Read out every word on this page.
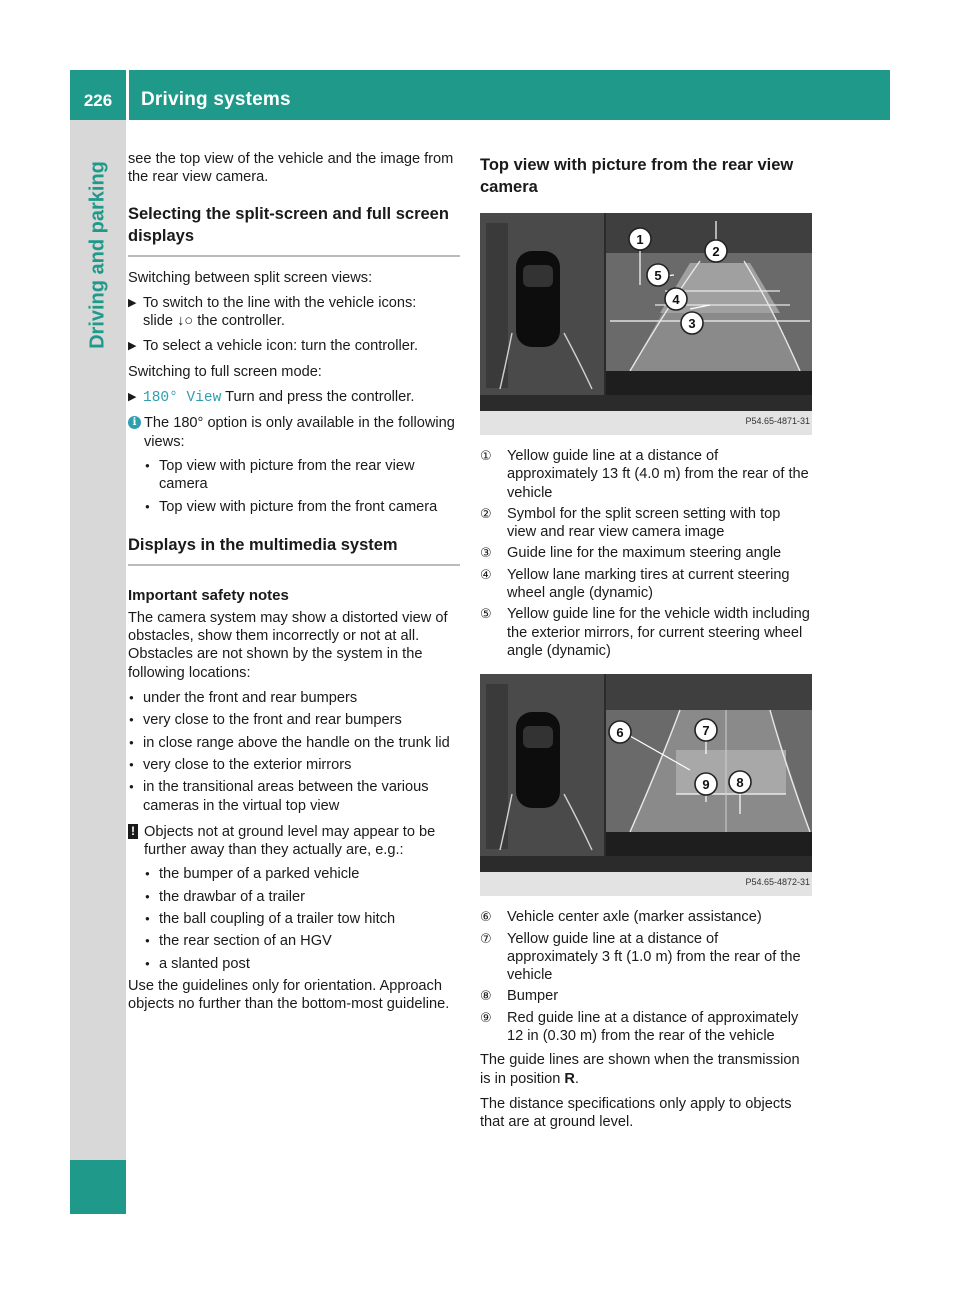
226	Driving systems
Driving and parking

see the top view of the vehicle and the image from the rear view camera.

Selecting the split-screen and full screen displays

Switching between split screen views:

▶ To switch to the line with the vehicle icons:
slide ↓○ the controller.
▶ To select a vehicle icon: turn the controller.

Switching to full screen mode:

▶ 180° View Turn and press the controller.
i The 180° option is only available in the following views:
● Top view with picture from the rear view camera
● Top view with picture from the front camera
Displays in the multimedia system
Important safety notes

The camera system may show a distorted view of obstacles, show them incorrectly or not at all. Obstacles are not shown by the system in the following locations:

● under the front and rear bumpers
● very close to the front and rear bumpers
● in close range above the handle on the trunk lid
● very close to the exterior mirrors
● in the transitional areas between the various cameras in the virtual top view
! Objects not at ground level may appear to be further away than they actually are, e.g.:
● the bumper of a parked vehicle
● the drawbar of a trailer
● the ball coupling of a trailer tow hitch
● the rear section of an HGV
● a slanted post

Use the guidelines only for orientation. Approach objects no further than the bottom-most guideline.

Top view with picture from the rear view camera
1
2
3
4
5
P54.65-4871-31
① Yellow guide line at a distance of approximately 13 ft (4.0 m) from the rear of the vehicle
② Symbol for the split screen setting with top view and rear view camera image
③ Guide line for the maximum steering angle
④ Yellow lane marking tires at current steering wheel angle (dynamic)
⑤ Yellow guide line for the vehicle width including the exterior mirrors, for current steering wheel angle (dynamic)
6	7
8
9
P54.65-4872-31
⑥ Vehicle center axle (marker assistance)
⑦ Yellow guide line at a distance of approximately 3 ft (1.0 m) from the rear of the vehicle
⑧ Bumper
⑨ Red guide line at a distance of approximately 12 in (0.30 m) from the rear of the vehicle

The guide lines are shown when the transmission is in position R.

The distance specifications only apply to objects that are at ground level.
